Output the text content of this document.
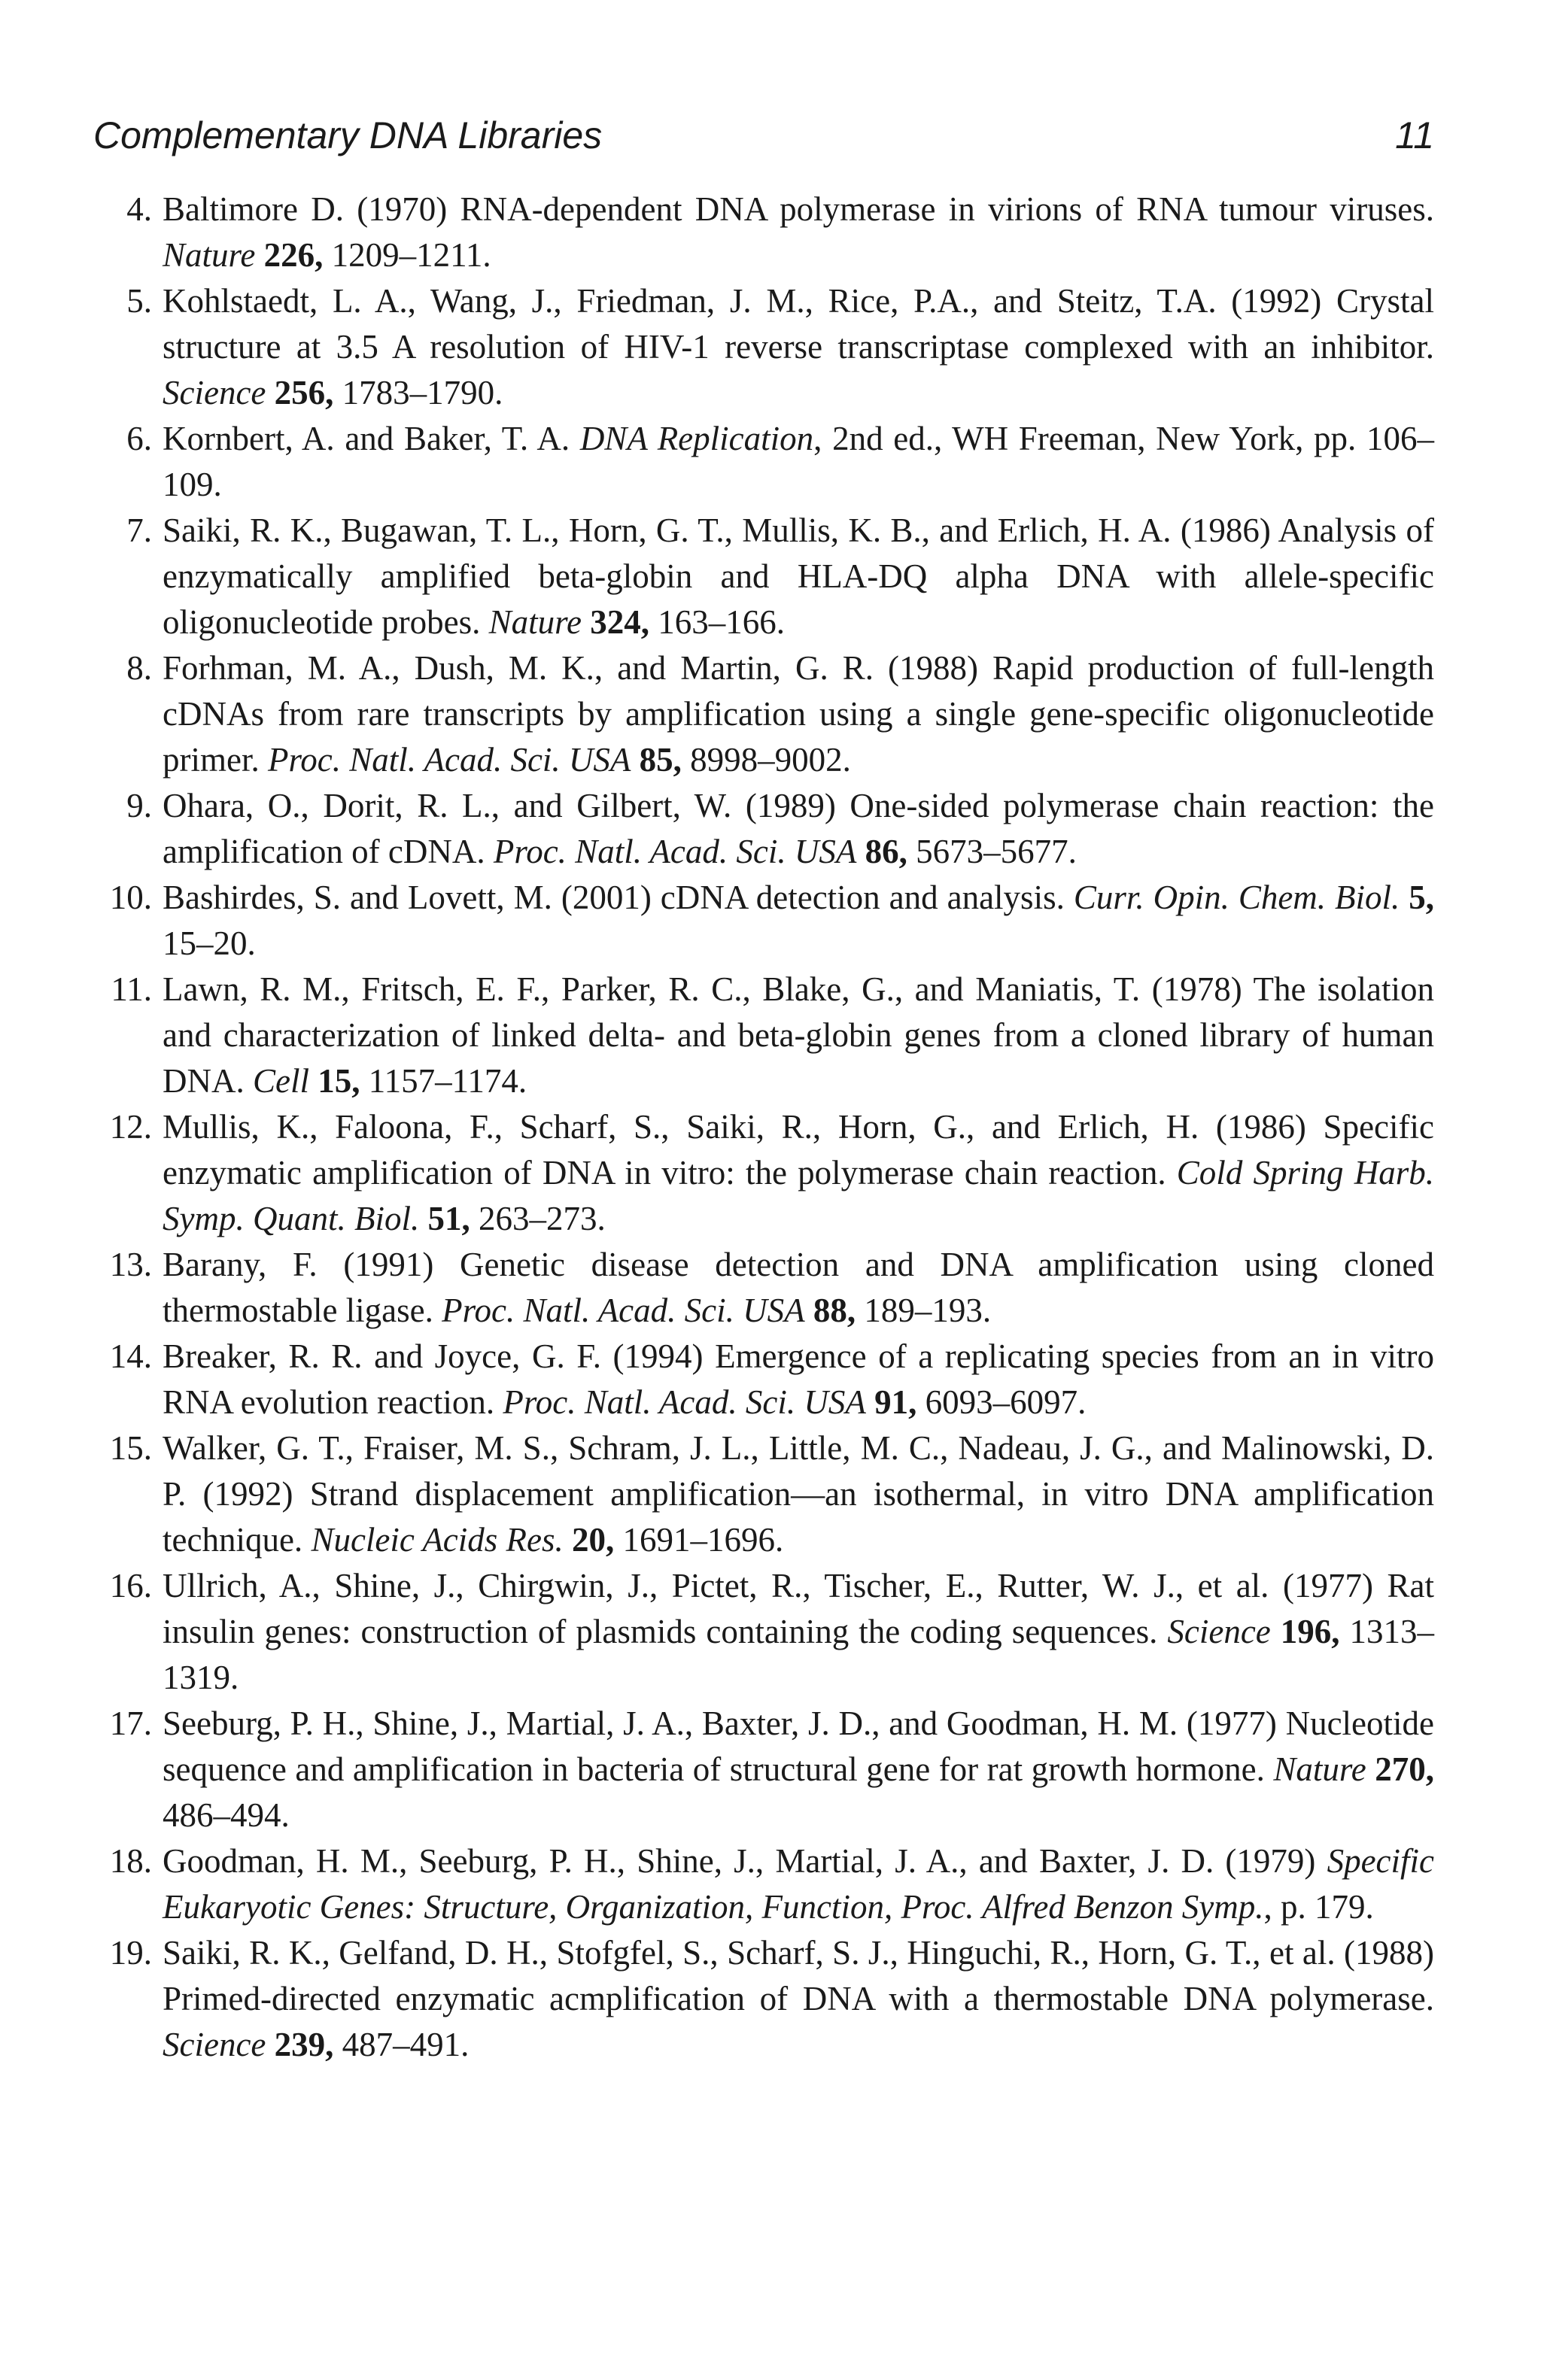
Complementary DNA Libraries	11
4. Baltimore D. (1970) RNA-dependent DNA polymerase in virions of RNA tumour viruses. Nature 226, 1209–1211.
5. Kohlstaedt, L. A., Wang, J., Friedman, J. M., Rice, P.A., and Steitz, T.A. (1992) Crystal structure at 3.5 A resolution of HIV-1 reverse transcriptase complexed with an inhibitor. Science 256, 1783–1790.
6. Kornbert, A. and Baker, T. A. DNA Replication, 2nd ed., WH Freeman, New York, pp. 106–109.
7. Saiki, R. K., Bugawan, T. L., Horn, G. T., Mullis, K. B., and Erlich, H. A. (1986) Analysis of enzymatically amplified beta-globin and HLA-DQ alpha DNA with allele-specific oligonucleotide probes. Nature 324, 163–166.
8. Forhman, M. A., Dush, M. K., and Martin, G. R. (1988) Rapid production of full-length cDNAs from rare transcripts by amplification using a single gene-specific oligonucleotide primer. Proc. Natl. Acad. Sci. USA 85, 8998–9002.
9. Ohara, O., Dorit, R. L., and Gilbert, W. (1989) One-sided polymerase chain reaction: the amplification of cDNA. Proc. Natl. Acad. Sci. USA 86, 5673–5677.
10. Bashirdes, S. and Lovett, M. (2001) cDNA detection and analysis. Curr. Opin. Chem. Biol. 5, 15–20.
11. Lawn, R. M., Fritsch, E. F., Parker, R. C., Blake, G., and Maniatis, T. (1978) The isolation and characterization of linked delta- and beta-globin genes from a cloned library of human DNA. Cell 15, 1157–1174.
12. Mullis, K., Faloona, F., Scharf, S., Saiki, R., Horn, G., and Erlich, H. (1986) Specific enzymatic amplification of DNA in vitro: the polymerase chain reaction. Cold Spring Harb. Symp. Quant. Biol. 51, 263–273.
13. Barany, F. (1991) Genetic disease detection and DNA amplification using cloned thermostable ligase. Proc. Natl. Acad. Sci. USA 88, 189–193.
14. Breaker, R. R. and Joyce, G. F. (1994) Emergence of a replicating species from an in vitro RNA evolution reaction. Proc. Natl. Acad. Sci. USA 91, 6093–6097.
15. Walker, G. T., Fraiser, M. S., Schram, J. L., Little, M. C., Nadeau, J. G., and Malinowski, D. P. (1992) Strand displacement amplification—an isothermal, in vitro DNA amplification technique. Nucleic Acids Res. 20, 1691–1696.
16. Ullrich, A., Shine, J., Chirgwin, J., Pictet, R., Tischer, E., Rutter, W. J., et al. (1977) Rat insulin genes: construction of plasmids containing the coding sequences. Science 196, 1313–1319.
17. Seeburg, P. H., Shine, J., Martial, J. A., Baxter, J. D., and Goodman, H. M. (1977) Nucleotide sequence and amplification in bacteria of structural gene for rat growth hormone. Nature 270, 486–494.
18. Goodman, H. M., Seeburg, P. H., Shine, J., Martial, J. A., and Baxter, J. D. (1979) Specific Eukaryotic Genes: Structure, Organization, Function, Proc. Alfred Benzon Symp., p. 179.
19. Saiki, R. K., Gelfand, D. H., Stofgfel, S., Scharf, S. J., Hinguchi, R., Horn, G. T., et al. (1988) Primed-directed enzymatic acmplification of DNA with a thermostable DNA polymerase. Science 239, 487–491.
